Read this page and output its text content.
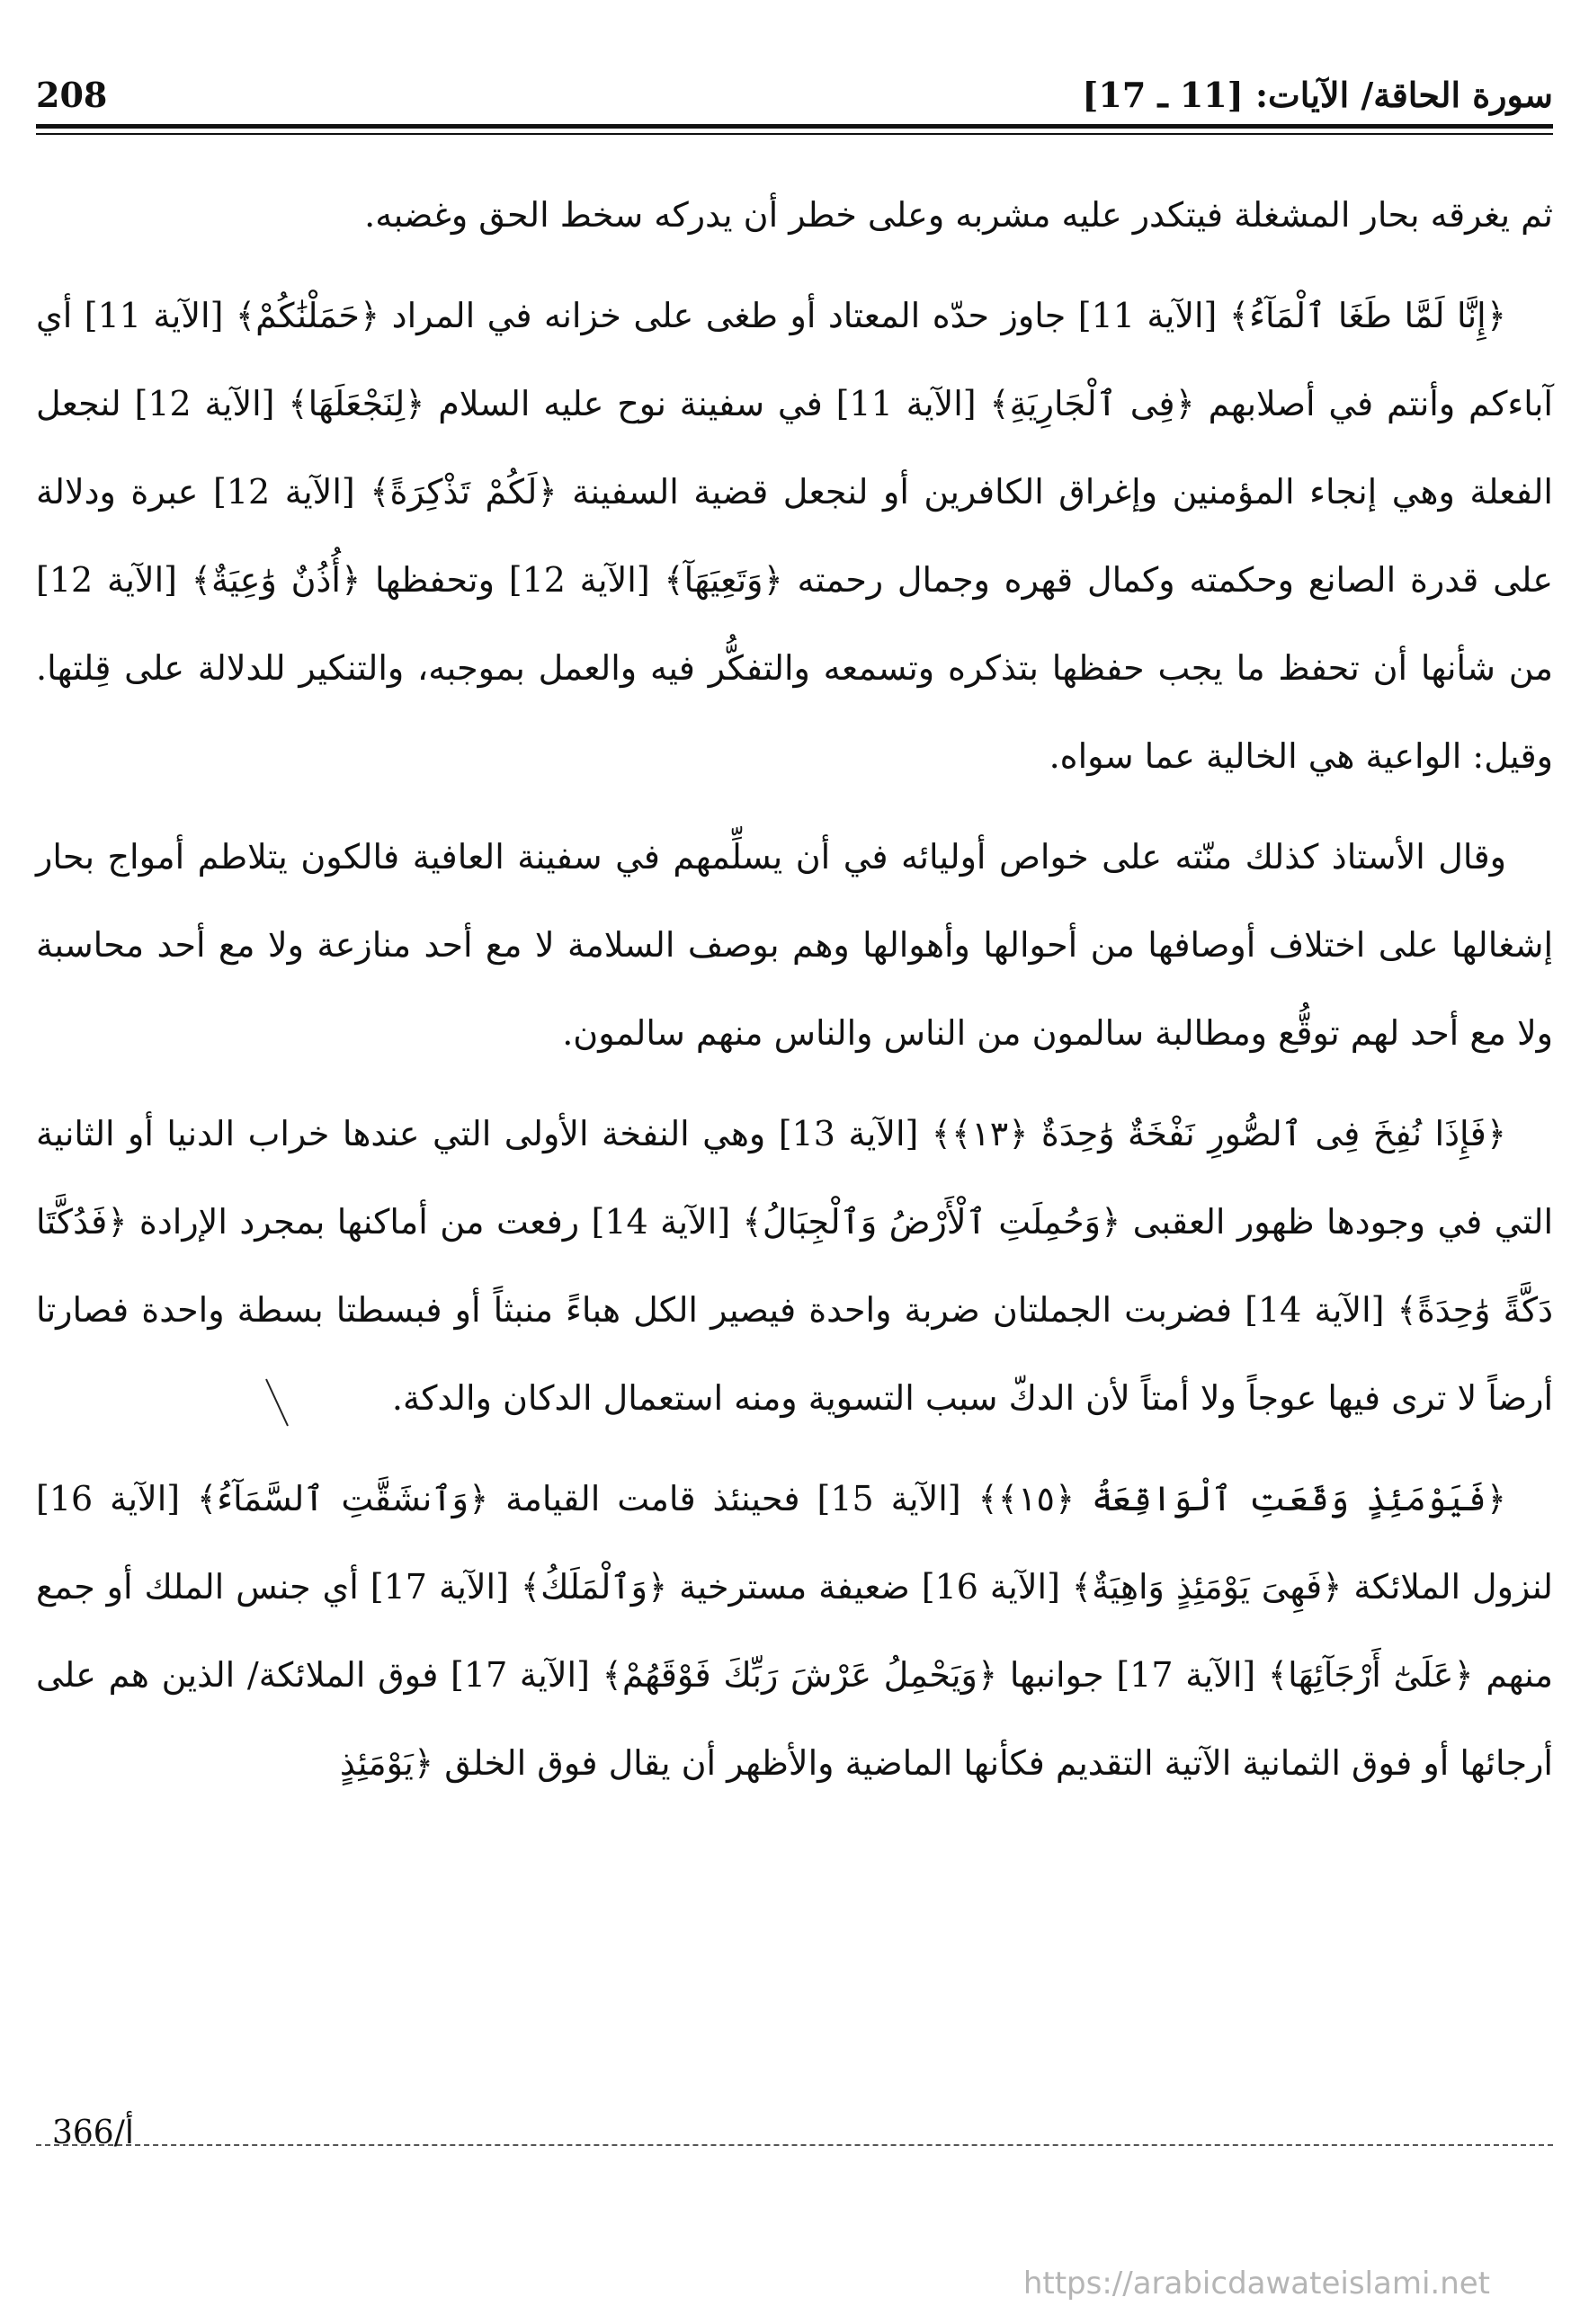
208	سورة الحاقة/ الآيات: [11 ـ 17]

ثم يغرقه بحار المشغلة فيتكدر عليه مشربه وعلى خطر أن يدركه سخط الحق وغضبه.

﴿إِنَّا لَمَّا طَغَا ٱلْمَآءُ﴾ [الآية 11] جاوز حدّه المعتاد أو طغى على خزانه في المراد ﴿حَمَلْنَٰكُمْ﴾ [الآية 11] أي آباءكم وأنتم في أصلابهم ﴿فِى ٱلْجَارِيَةِ﴾ [الآية 11] في سفينة نوح عليه السلام ﴿لِنَجْعَلَهَا﴾ [الآية 12] لنجعل الفعلة وهي إنجاء المؤمنين وإغراق الكافرين أو لنجعل قضية السفينة ﴿لَكُمْ تَذْكِرَةً﴾ [الآية 12] عبرة ودلالة على قدرة الصانع وحكمته وكمال قهره وجمال رحمته ﴿وَتَعِيَهَآ﴾ [الآية 12] وتحفظها ﴿أُذُنٌ وَٰعِيَةٌ﴾ [الآية 12] من شأنها أن تحفظ ما يجب حفظها بتذكره وتسمعه والتفكُّر فيه والعمل بموجبه، والتنكير للدلالة على قِلتها. وقيل: الواعية هي الخالية عما سواه.

وقال الأستاذ كذلك منّته على خواص أوليائه في أن يسلِّمهم في سفينة العافية فالكون يتلاطم أمواج بحار إشغالها على اختلاف أوصافها من أحوالها وأهوالها وهم بوصف السلامة لا مع أحد منازعة ولا مع أحد محاسبة ولا مع أحد لهم توقُّع ومطالبة سالمون من الناس والناس منهم سالمون.

﴿فَإِذَا نُفِخَ فِى ٱلصُّورِ نَفْخَةٌ وَٰحِدَةٌ ﴿١٣﴾﴾ [الآية 13] وهي النفخة الأولى التي عندها خراب الدنيا أو الثانية التي في وجودها ظهور العقبى ﴿وَحُمِلَتِ ٱلْأَرْضُ وَٱلْجِبَالُ﴾ [الآية 14] رفعت من أماكنها بمجرد الإرادة ﴿فَدُكَّتَا دَكَّةً وَٰحِدَةً﴾ [الآية 14] فضربت الجملتان ضربة واحدة فيصير الكل هباءً منبثاً أو فبسطتا بسطة واحدة فصارتا أرضاً لا ترى فيها عوجاً ولا أمتاً لأن الدكّ سبب التسوية ومنه استعمال الدكان والدكة.

﴿فَيَوْمَئِذٍ وَقَعَتِ ٱلْوَاقِعَةُ ﴿١٥﴾﴾ [الآية 15] فحينئذ قامت القيامة ﴿وَٱنشَقَّتِ ٱلسَّمَآءُ﴾ [الآية 16] لنزول الملائكة ﴿فَهِىَ يَوْمَئِذٍ وَاهِيَةٌ﴾ [الآية 16] ضعيفة مسترخية ﴿وَٱلْمَلَكُ﴾ [الآية 17] أي جنس الملك أو جمع منهم ﴿عَلَىٰٓ أَرْجَآئِهَا﴾ [الآية 17] جوانبها ﴿وَيَحْمِلُ عَرْشَ رَبِّكَ فَوْقَهُمْ﴾ [الآية 17] فوق الملائكة/ الذين هم على أرجائها أو فوق الثمانية الآتية التقديم فكأنها الماضية والأظهر أن يقال فوق الخلق ﴿يَوْمَئِذٍ

366/أ
https://arabicdawateislami.net
